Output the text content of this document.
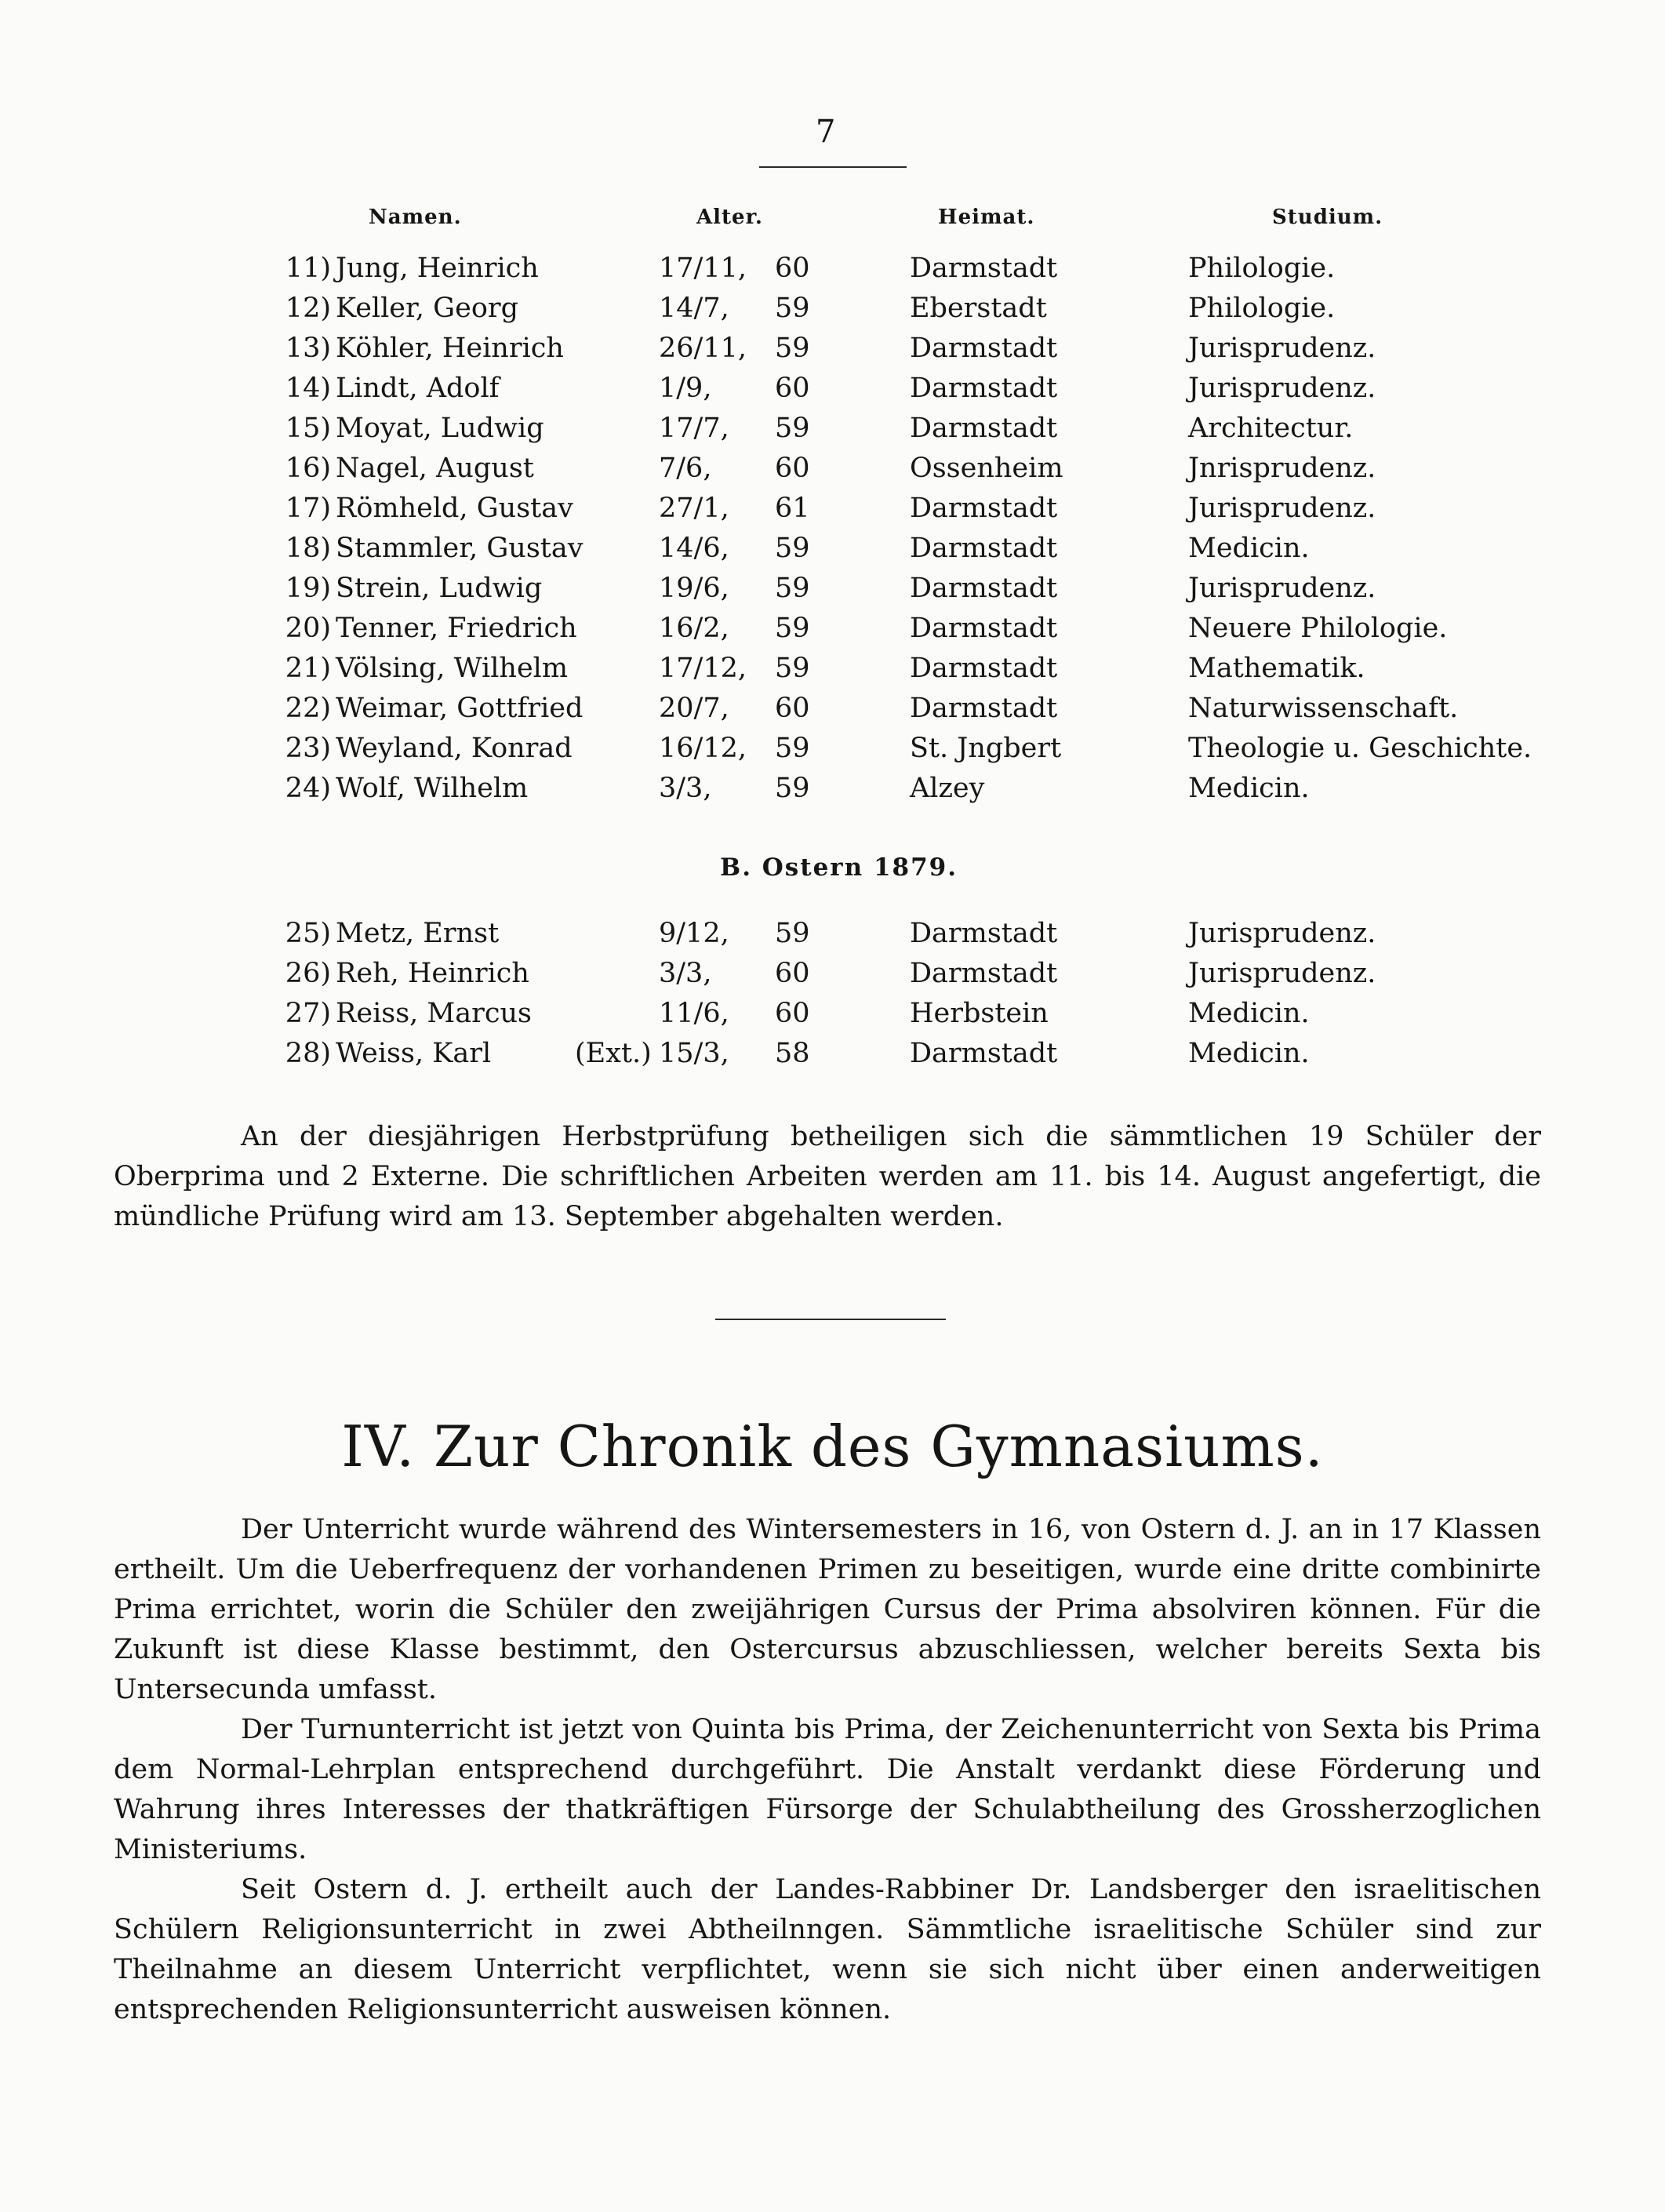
7
Namen.	Alter.	Heimat.	Studium.
11) Jung, Heinrich	17/11,	60	Darmstadt	Philologie.
12) Keller, Georg	14/7,	59	Eberstadt	Philologie.
13) Köhler, Heinrich	26/11,	59	Darmstadt	Jurisprudenz.
14) Lindt, Adolf	1/9,	60	Darmstadt	Jurisprudenz.
15) Moyat, Ludwig	17/7,	59	Darmstadt	Architectur.
16) Nagel, August	7/6,	60	Ossenheim	Jnrisprudenz.
17) Römheld, Gustav	27/1,	61	Darmstadt	Jurisprudenz.
18) Stammler, Gustav	14/6,	59	Darmstadt	Medicin.
19) Strein, Ludwig	19/6,	59	Darmstadt	Jurisprudenz.
20) Tenner, Friedrich	16/2,	59	Darmstadt	Neuere Philologie.
21) Völsing, Wilhelm	17/12,	59	Darmstadt	Mathematik.
22) Weimar, Gottfried	20/7,	60	Darmstadt	Naturwissenschaft.
23) Weyland, Konrad	16/12,	59	St. Jngbert	Theologie u. Geschichte.
24) Wolf, Wilhelm	3/3,	59	Alzey	Medicin.
B. Ostern 1879.
25) Metz, Ernst	9/12,	59	Darmstadt	Jurisprudenz.
26) Reh, Heinrich	3/3,	60	Darmstadt	Jurisprudenz.
27) Reiss, Marcus	11/6,	60	Herbstein	Medicin.
28) Weiss, Karl	(Ext.) 15/3,	58	Darmstadt	Medicin.

An der diesjährigen Herbstprüfung betheiligen sich die sämmtlichen 19 Schüler der Oberprima und 2 Externe. Die schriftlichen Arbeiten werden am 11. bis 14. August angefertigt, die mündliche Prüfung wird am 13. September abgehalten werden.

IV. Zur Chronik des Gymnasiums.

Der Unterricht wurde während des Wintersemesters in 16, von Ostern d. J. an in 17 Klassen ertheilt. Um die Ueberfrequenz der vorhandenen Primen zu beseitigen, wurde eine dritte combinirte Prima errichtet, worin die Schüler den zweijährigen Cursus der Prima absolviren können. Für die Zukunft ist diese Klasse bestimmt, den Ostercursus abzuschliessen, welcher bereits Sexta bis Untersecunda umfasst.

Der Turnunterricht ist jetzt von Quinta bis Prima, der Zeichenunterricht von Sexta bis Prima dem Normal-Lehrplan entsprechend durchgeführt. Die Anstalt verdankt diese Förderung und Wahrung ihres Interesses der thatkräftigen Fürsorge der Schulabtheilung des Grossherzoglichen Ministeriums.

Seit Ostern d. J. ertheilt auch der Landes-Rabbiner Dr. Landsberger den israelitischen Schülern Religionsunterricht in zwei Abtheilnngen. Sämmtliche israelitische Schüler sind zur Theilnahme an diesem Unterricht verpflichtet, wenn sie sich nicht über einen anderweitigen entsprechenden Religionsunterricht ausweisen können.
